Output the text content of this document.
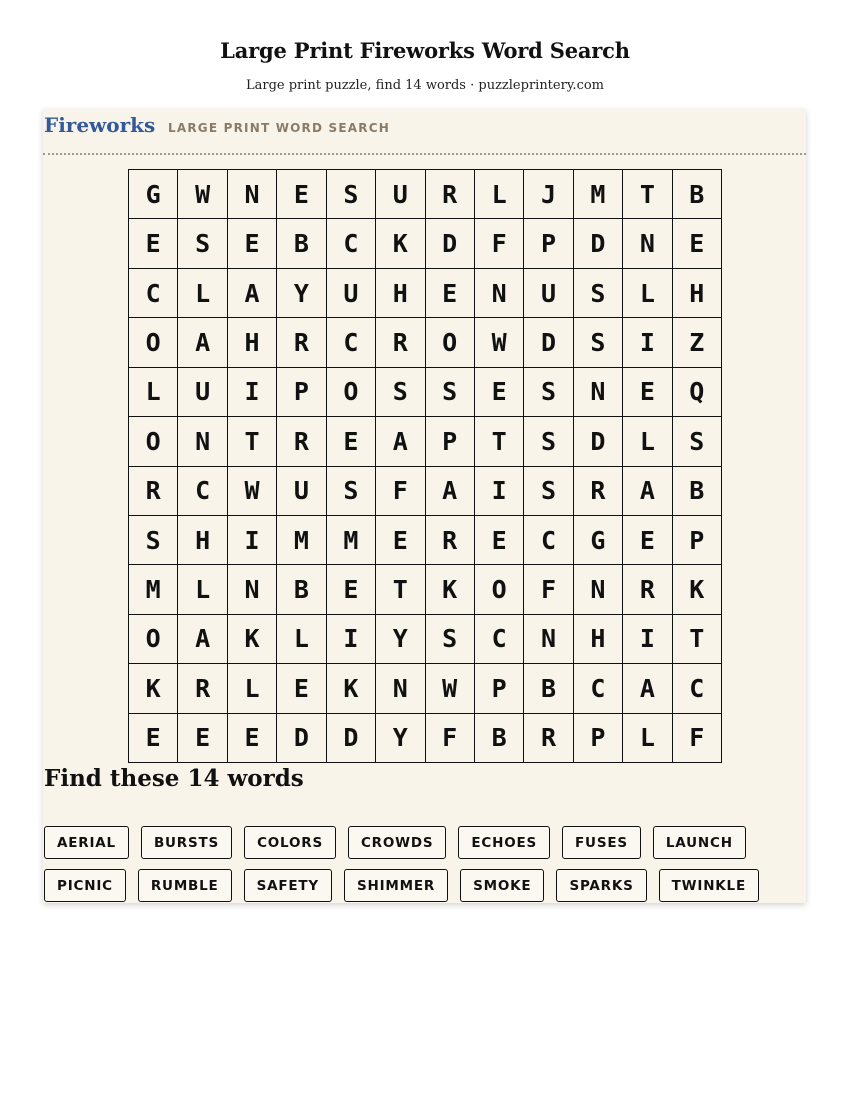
Large Print Fireworks Word Search
Large print puzzle, find 14 words · puzzleprintery.com
Fireworks LARGE PRINT WORD SEARCH
G	W	N	E	S	U	R	L	J	M	T	B
E	S	E	B	C	K	D	F	P	D	N	E
C	L	A	Y	U	H	E	N	U	S	L	H
O	A	H	R	C	R	O	W	D	S	I	Z
L	U	I	P	O	S	S	E	S	N	E	Q
O	N	T	R	E	A	P	T	S	D	L	S
R	C	W	U	S	F	A	I	S	R	A	B
S	H	I	M	M	E	R	E	C	G	E	P
M	L	N	B	E	T	K	O	F	N	R	K
O	A	K	L	I	Y	S	C	N	H	I	T
K	R	L	E	K	N	W	P	B	C	A	C
E	E	E	D	D	Y	F	B	R	P	L	F
Find these 14 words
AERIAL	BURSTS	COLORS	CROWDS	ECHOES	FUSES	LAUNCH
PICNIC	RUMBLE	SAFETY	SHIMMER	SMOKE	SPARKS	TWINKLE
